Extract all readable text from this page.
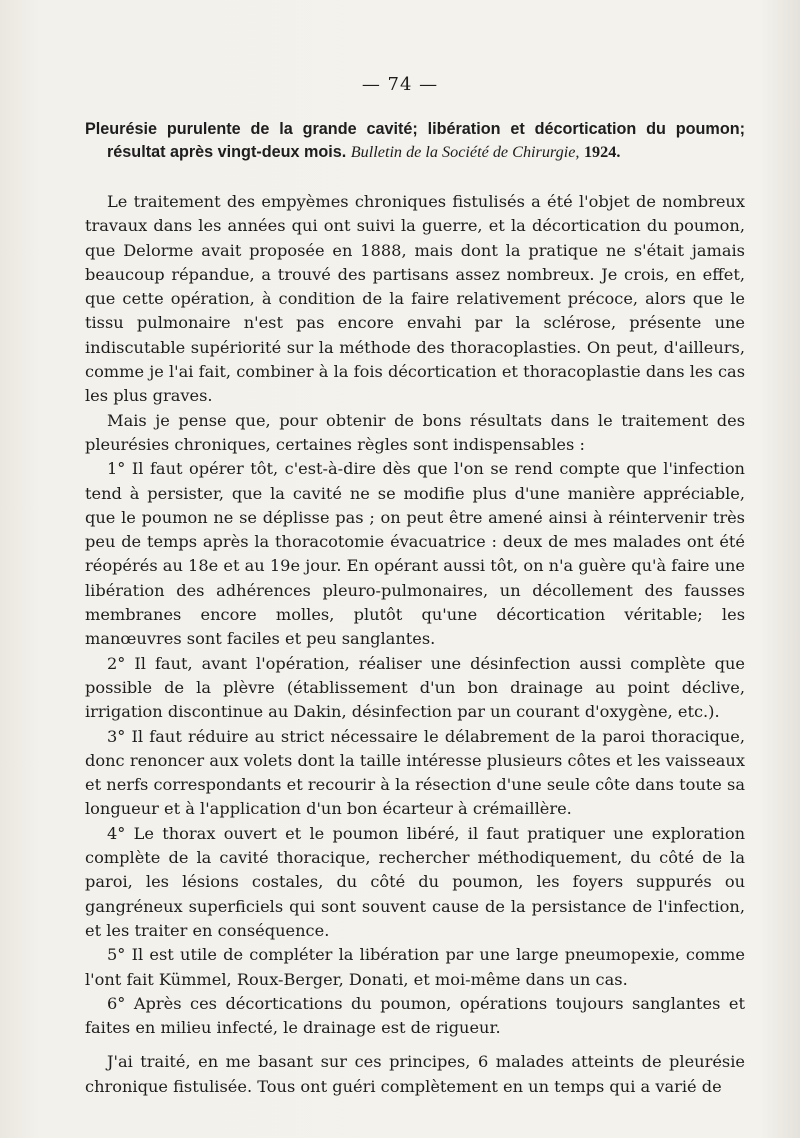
— 74 —

Pleurésie purulente de la grande cavité; libération et décortication du poumon; résultat après vingt-deux mois. Bulletin de la Société de Chirurgie, 1924.

Le traitement des empyèmes chroniques fistulisés a été l'objet de nombreux travaux dans les années qui ont suivi la guerre, et la décortication du poumon, que Delorme avait proposée en 1888, mais dont la pratique ne s'était jamais beaucoup répandue, a trouvé des partisans assez nombreux. Je crois, en effet, que cette opération, à condition de la faire relativement précoce, alors que le tissu pulmonaire n'est pas encore envahi par la sclérose, présente une indiscutable supériorité sur la méthode des thoracoplasties. On peut, d'ailleurs, comme je l'ai fait, combiner à la fois décortication et thoracoplastie dans les cas les plus graves.

Mais je pense que, pour obtenir de bons résultats dans le traitement des pleurésies chroniques, certaines règles sont indispensables :

1° Il faut opérer tôt, c'est-à-dire dès que l'on se rend compte que l'infection tend à persister, que la cavité ne se modifie plus d'une manière appréciable, que le poumon ne se déplisse pas ; on peut être amené ainsi à réintervenir très peu de temps après la thoracotomie évacuatrice : deux de mes malades ont été réopérés au 18e et au 19e jour. En opérant aussi tôt, on n'a guère qu'à faire une libération des adhérences pleuro-pulmonaires, un décollement des fausses membranes encore molles, plutôt qu'une décortication véritable; les manœuvres sont faciles et peu sanglantes.

2° Il faut, avant l'opération, réaliser une désinfection aussi complète que possible de la plèvre (établissement d'un bon drainage au point déclive, irrigation discontinue au Dakin, désinfection par un courant d'oxygène, etc.).

3° Il faut réduire au strict nécessaire le délabrement de la paroi thoracique, donc renoncer aux volets dont la taille intéresse plusieurs côtes et les vaisseaux et nerfs correspondants et recourir à la résection d'une seule côte dans toute sa longueur et à l'application d'un bon écarteur à crémaillère.

4° Le thorax ouvert et le poumon libéré, il faut pratiquer une exploration complète de la cavité thoracique, rechercher méthodiquement, du côté de la paroi, les lésions costales, du côté du poumon, les foyers suppurés ou gangréneux superficiels qui sont souvent cause de la persistance de l'infection, et les traiter en conséquence.

5° Il est utile de compléter la libération par une large pneumopexie, comme l'ont fait Kümmel, Roux-Berger, Donati, et moi-même dans un cas.

6° Après ces décortications du poumon, opérations toujours sanglantes et faites en milieu infecté, le drainage est de rigueur.

J'ai traité, en me basant sur ces principes, 6 malades atteints de pleurésie chronique fistulisée. Tous ont guéri complètement en un temps qui a varié de
